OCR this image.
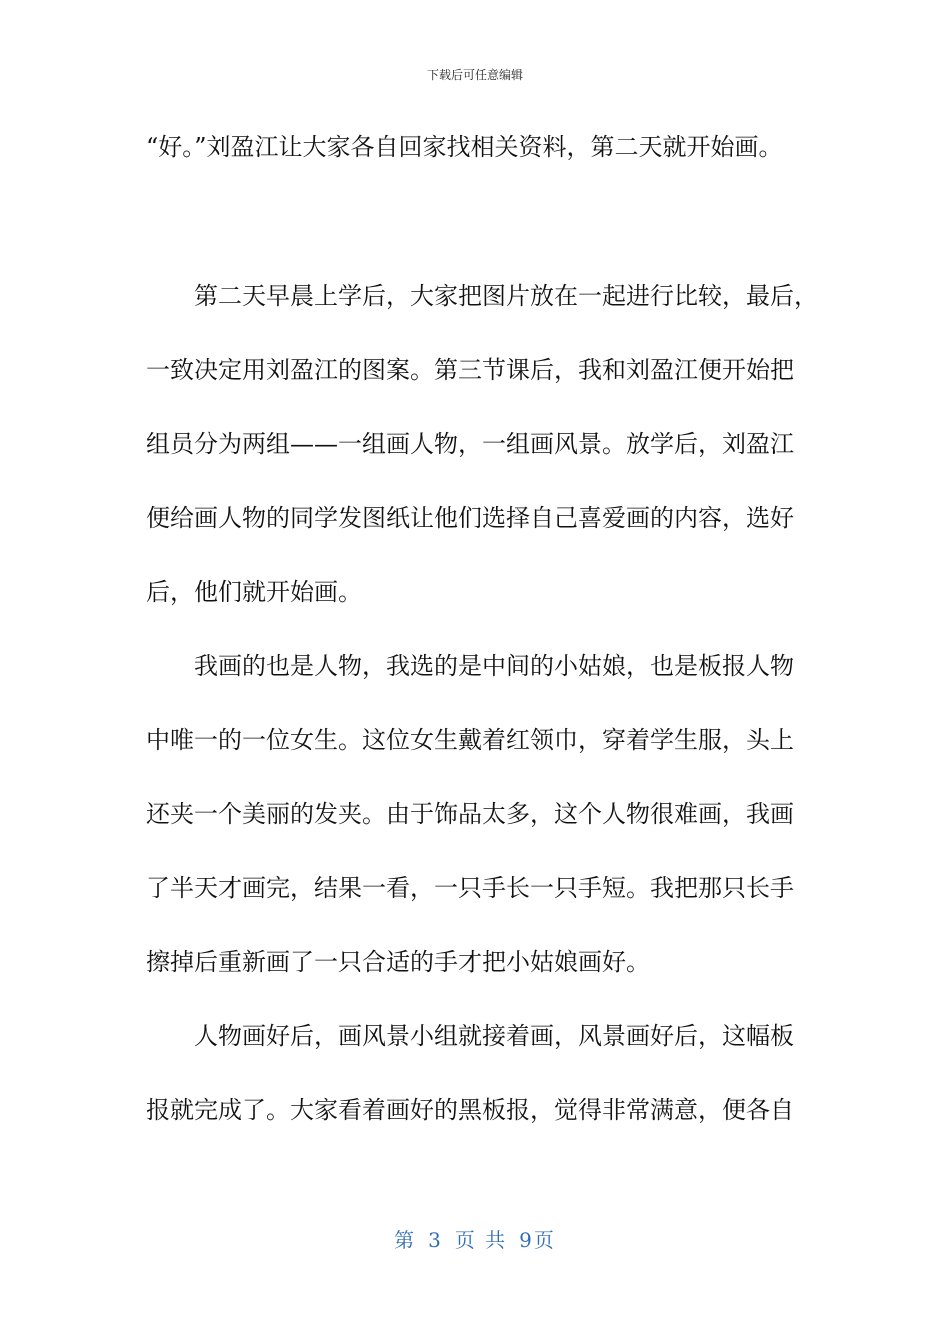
下载后可任意编辑
“好。”刘盈江让大家各自回家找相关资料，第二天就开始画。
　　第二天早晨上学后，大家把图片放在一起进行比较，最后，
一致决定用刘盈江的图案。第三节课后，我和刘盈江便开始把
组员分为两组——一组画人物，一组画风景。放学后，刘盈江
便给画人物的同学发图纸让他们选择自己喜爱画的内容，选好
后，他们就开始画。
　　我画的也是人物，我选的是中间的小姑娘，也是板报人物
中唯一的一位女生。这位女生戴着红领巾，穿着学生服，头上
还夹一个美丽的发夹。由于饰品太多，这个人物很难画，我画
了半天才画完，结果一看，一只手长一只手短。我把那只长手
擦掉后重新画了一只合适的手才把小姑娘画好。
　　人物画好后，画风景小组就接着画，风景画好后，这幅板
报就完成了。大家看着画好的黑板报，觉得非常满意，便各自
第 3 页 共 9页
